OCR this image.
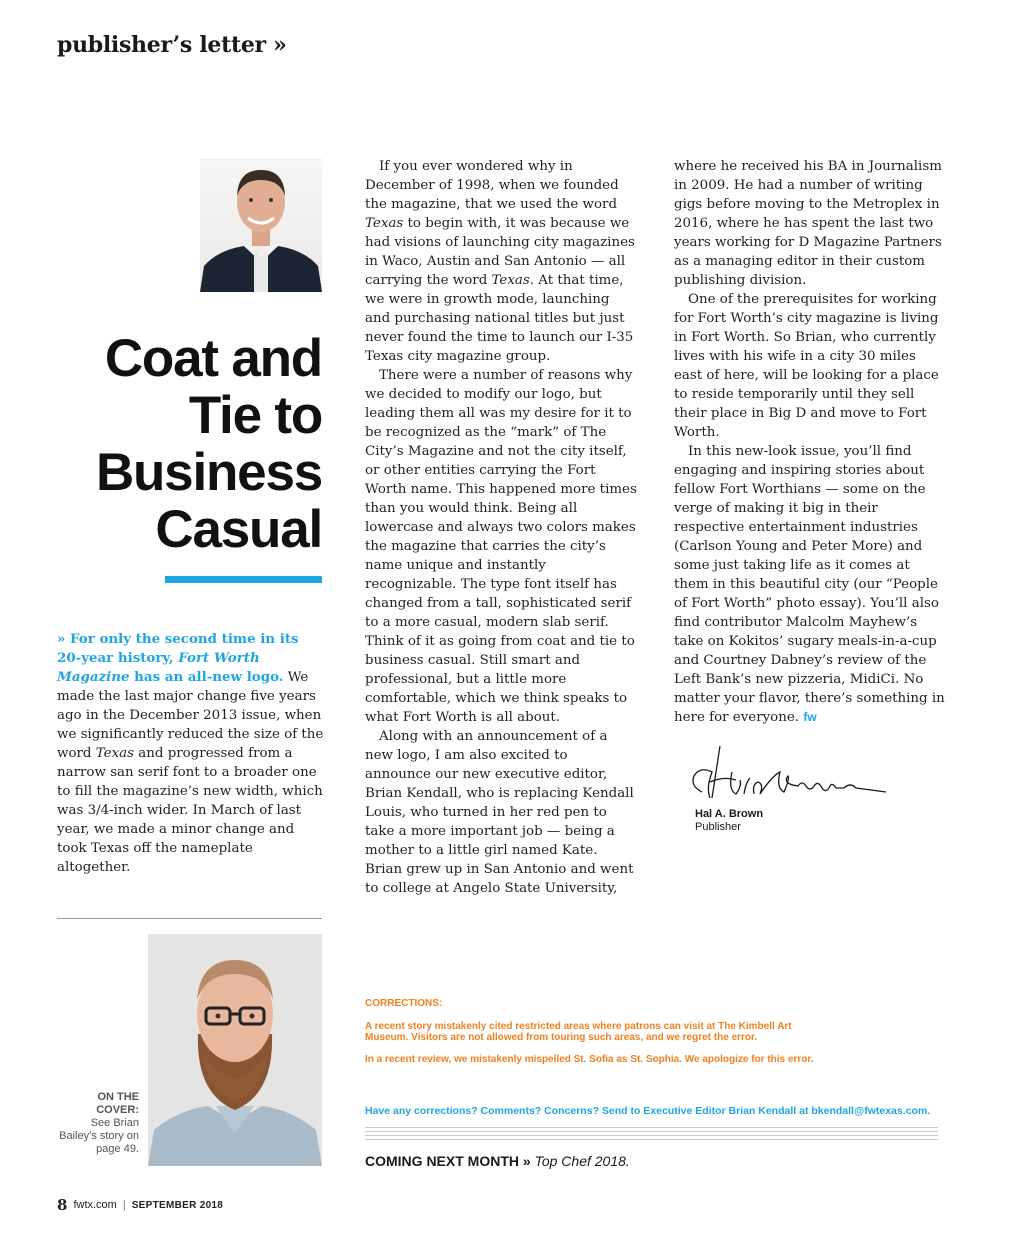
publisher’s letter »
Coat and
Tie to
Business
Casual

» For only the second time in its 20-year history, Fort Worth Magazine has an all-new logo. We made the last major change five years ago in the December 2013 issue, when we significantly reduced the size of the word Texas and progressed from a narrow san serif font to a broader one to fill the magazine’s new width, which was 3/4-inch wider. In March of last year, we made a minor change and took Texas off the nameplate altogether.

If you ever wondered why in December of 1998, when we founded the magazine, that we used the word Texas to begin with, it was because we had visions of launching city magazines in Waco, Austin and San Antonio — all carrying the word Texas. At that time, we were in growth mode, launching and purchasing national titles but just never found the time to launch our I-35 Texas city magazine group.

There were a number of reasons why we decided to modify our logo, but leading them all was my desire for it to be recognized as the “mark” of The City’s Magazine and not the city itself, or other entities carrying the Fort Worth name. This happened more times than you would think. Being all lowercase and always two colors makes the magazine that carries the city’s name unique and instantly recognizable. The type font itself has changed from a tall, sophisticated serif to a more casual, modern slab serif. Think of it as going from coat and tie to business casual. Still smart and professional, but a little more comfortable, which we think speaks to what Fort Worth is all about.

Along with an announcement of a new logo, I am also excited to announce our new executive editor, Brian Kendall, who is replacing Kendall Louis, who turned in her red pen to take a more important job — being a mother to a little girl named Kate. Brian grew up in San Antonio and went to college at Angelo State University,

where he received his BA in Journalism in 2009. He had a number of writing gigs before moving to the Metroplex in 2016, where he has spent the last two years working for D Magazine Partners as a managing editor in their custom publishing division.

One of the prerequisites for working for Fort Worth’s city magazine is living in Fort Worth. So Brian, who currently lives with his wife in a city 30 miles east of here, will be looking for a place to reside temporarily until they sell their place in Big D and move to Fort Worth.

In this new-look issue, you’ll find engaging and inspiring stories about fellow Fort Worthians — some on the verge of making it big in their respective entertainment industries (Carlson Young and Peter More) and some just taking life as it comes at them in this beautiful city (our “People of Fort Worth” photo essay). You’ll also find contributor Malcolm Mayhew’s take on Kokitos’ sugary meals-in-a-cup and Courtney Dabney’s review of the Left Bank’s new pizzeria, MidiCi. No matter your flavor, there’s something in here for everyone. fw

Hal A. Brown
Publisher
ON THE COVER:
See Brian Bailey’s story on page 49.
CORRECTIONS:
A recent story mistakenly cited restricted areas where patrons can visit at The Kimbell Art Museum. Visitors are not allowed from touring such areas, and we regret the error.
In a recent review, we mistakenly mispelled St. Sofia as St. Sophia. We apologize for this error.
Have any corrections? Comments? Concerns? Send to Executive Editor Brian Kendall at bkendall@fwtexas.com.
COMING NEXT MONTH » Top Chef 2018.
8 fwtx.com | SEPTEMBER 2018
